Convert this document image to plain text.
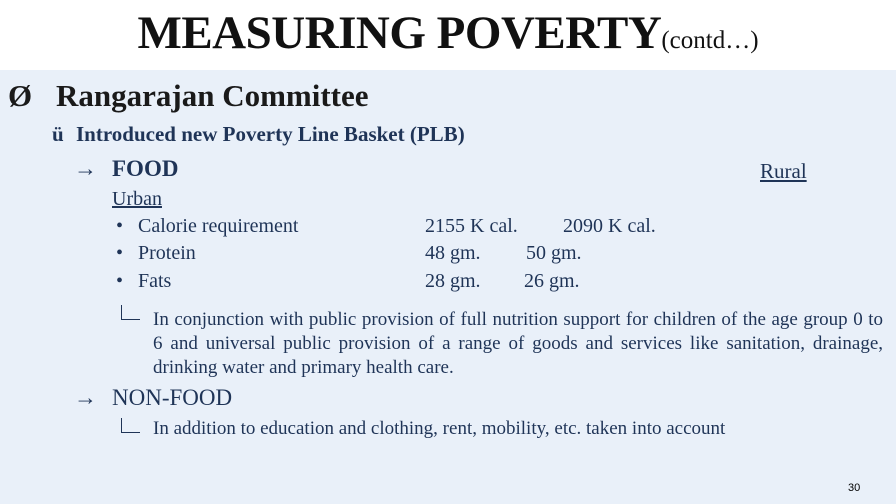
MEASURING POVERTY(contd…)
Ø Rangarajan Committee
ü Introduced new Poverty Line Basket (PLB)
→ FOOD	Rural
Urban
• Calorie requirement	2155 K cal. 2090 K cal.
• Protein	48 gm. 50 gm.
• Fats	28 gm. 26 gm.
In conjunction with public provision of full nutrition support for children of the age group 0 to 6 and universal public provision of a range of goods and services like sanitation, drainage, drinking water and primary health care.
→ NON-FOOD
In addition to education and clothing, rent, mobility, etc. taken into account
30
